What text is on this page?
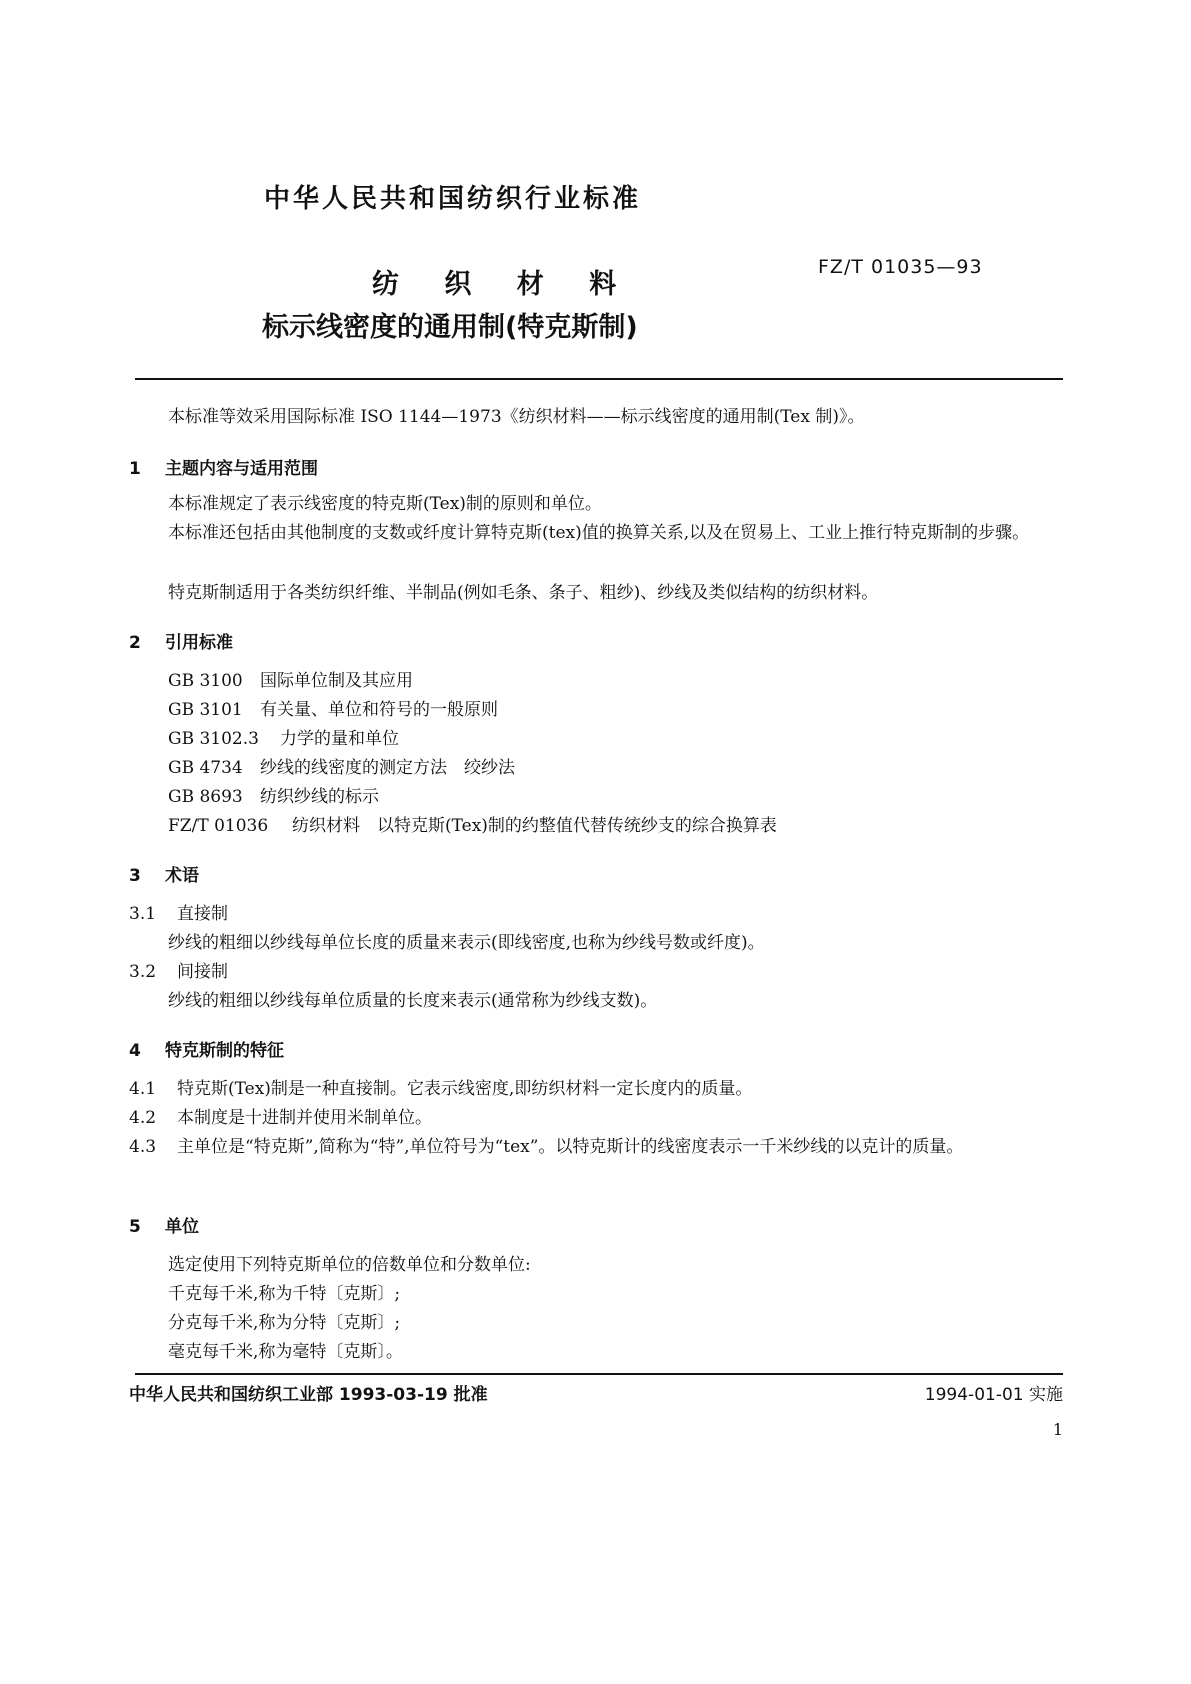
中华人民共和国纺织行业标准
FZ/T 01035—93
纺 织 材 料
标示线密度的通用制(特克斯制)
本标准等效采用国际标准 ISO 1144—1973《纺织材料——标示线密度的通用制(Tex 制)》。
1 主题内容与适用范围
本标准规定了表示线密度的特克斯(Tex)制的原则和单位。
本标准还包括由其他制度的支数或纤度计算特克斯(tex)值的换算关系,以及在贸易上、工业上推行特克斯制的步骤。
特克斯制适用于各类纺织纤维、半制品(例如毛条、条子、粗纱)、纱线及类似结构的纺织材料。
2 引用标准
GB 3100 国际单位制及其应用
GB 3101 有关量、单位和符号的一般原则
GB 3102.3 力学的量和单位
GB 4734 纱线的线密度的测定方法　绞纱法
GB 8693 纺织纱线的标示
FZ/T 01036 纺织材料　以特克斯(Tex)制的约整值代替传统纱支的综合换算表
3 术语
3.1 直接制
纱线的粗细以纱线每单位长度的质量来表示(即线密度,也称为纱线号数或纤度)。
3.2 间接制
纱线的粗细以纱线每单位质量的长度来表示(通常称为纱线支数)。
4 特克斯制的特征
4.1 特克斯(Tex)制是一种直接制。它表示线密度,即纺织材料一定长度内的质量。
4.2 本制度是十进制并使用米制单位。
4.3 主单位是“特克斯”,简称为“特”,单位符号为“tex”。以特克斯计的线密度表示一千米纱线的以克计的质量。
5 单位
选定使用下列特克斯单位的倍数单位和分数单位:
千克每千米,称为千特〔克斯〕;
分克每千米,称为分特〔克斯〕;
毫克每千米,称为毫特〔克斯〕。
中华人民共和国纺织工业部 1993-03-19 批准	1994-01-01 实施
1
